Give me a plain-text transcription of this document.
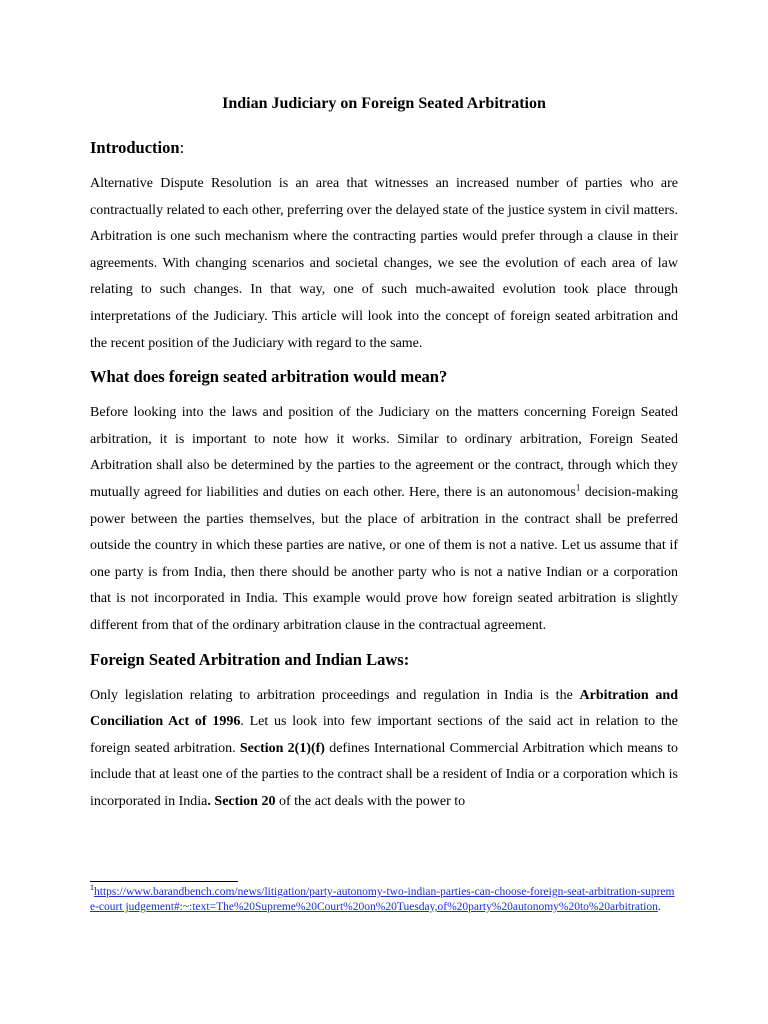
Indian Judiciary on Foreign Seated Arbitration
Introduction:

Alternative Dispute Resolution is an area that witnesses an increased number of parties who are contractually related to each other, preferring over the delayed state of the justice system in civil matters. Arbitration is one such mechanism where the contracting parties would prefer through a clause in their agreements. With changing scenarios and societal changes, we see the evolution of each area of law relating to such changes. In that way, one of such much-awaited evolution took place through interpretations of the Judiciary. This article will look into the concept of foreign seated arbitration and the recent position of the Judiciary with regard to the same.

What does foreign seated arbitration would mean?

Before looking into the laws and position of the Judiciary on the matters concerning Foreign Seated arbitration, it is important to note how it works. Similar to ordinary arbitration, Foreign Seated Arbitration shall also be determined by the parties to the agreement or the contract, through which they mutually agreed for liabilities and duties on each other. Here, there is an autonomous$^1$ decision-making power between the parties themselves, but the place of arbitration in the contract shall be preferred outside the country in which these parties are native, or one of them is not a native. Let us assume that if one party is from India, then there should be another party who is not a native Indian or a corporation that is not incorporated in India. This example would prove how foreign seated arbitration is slightly different from that of the ordinary arbitration clause in the contractual agreement.

Foreign Seated Arbitration and Indian Laws:

Only legislation relating to arbitration proceedings and regulation in India is the Arbitration and Conciliation Act of 1996. Let us look into few important sections of the said act in relation to the foreign seated arbitration. Section 2(1)(f) defines International Commercial Arbitration which means to include that at least one of the parties to the contract shall be a resident of India or a corporation which is incorporated in India. Section 20 of the act deals with the power to

$^1$https://www.barandbench.com/news/litigation/party-autonomy-two-indian-parties-can-choose-foreign-seat-arbitration-supreme-court judgement#:~:text=The%20Supreme%20Court%20on%20Tuesday,of%20party%20autonomy%20to%20arbitration.
